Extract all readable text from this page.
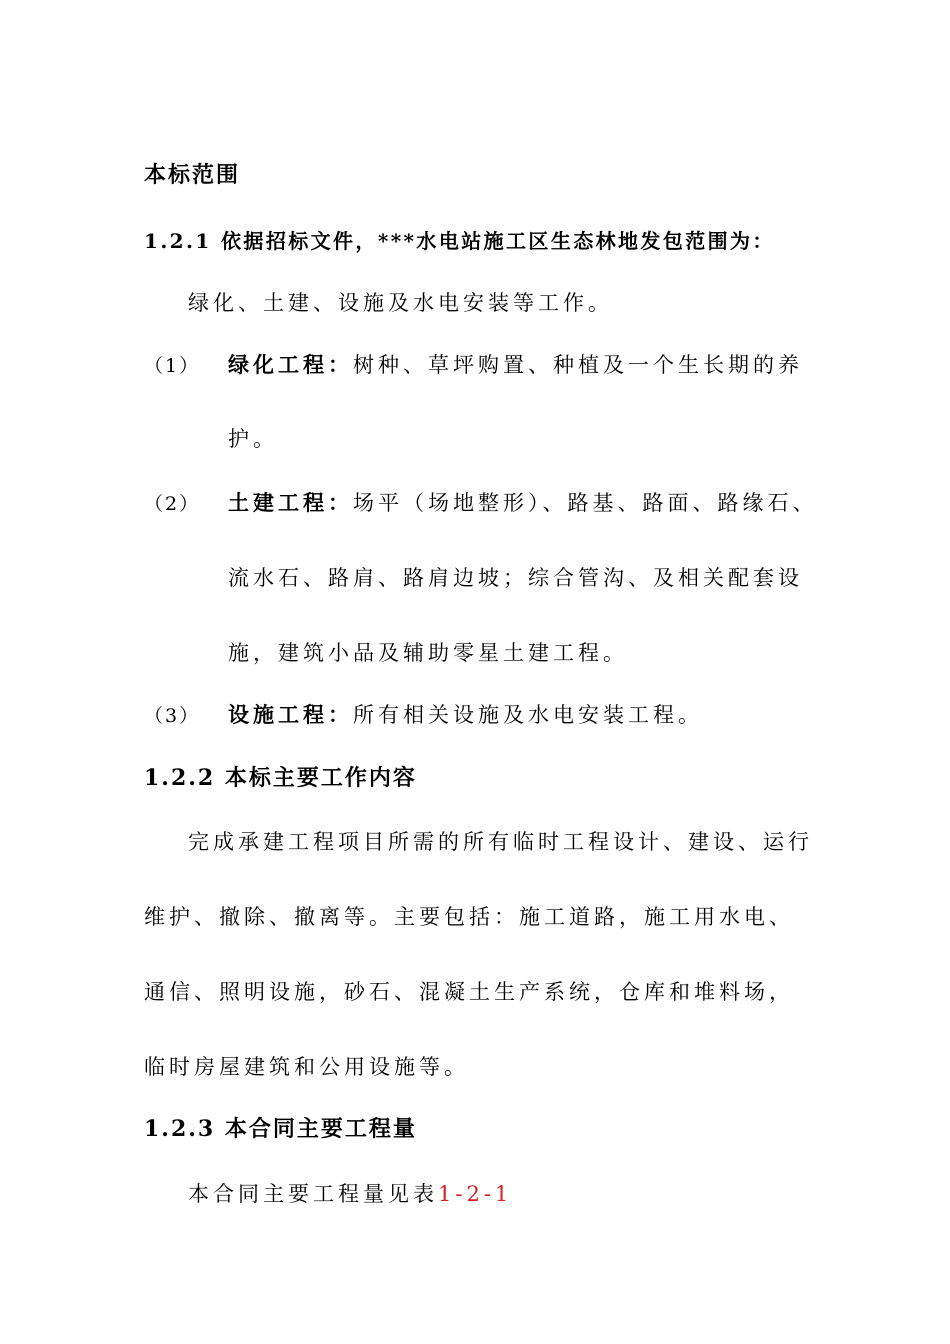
本标范围
1.2.1 依据招标文件，***水电站施工区生态林地发包范围为：
绿化、土建、设施及水电安装等工作。
（1） 绿化工程：树种、草坪购置、种植及一个生长期的养
护。
（2） 土建工程：场平（场地整形）、路基、路面、路缘石、
流水石、路肩、路肩边坡；综合管沟、及相关配套设
施，建筑小品及辅助零星土建工程。
（3） 设施工程：所有相关设施及水电安装工程。
1.2.2 本标主要工作内容
完成承建工程项目所需的所有临时工程设计、建设、运行
维护、撤除、撤离等。主要包括：施工道路，施工用水电、
通信、照明设施，砂石、混凝土生产系统，仓库和堆料场，
临时房屋建筑和公用设施等。
1.2.3 本合同主要工程量
本合同主要工程量见表1-2-1
